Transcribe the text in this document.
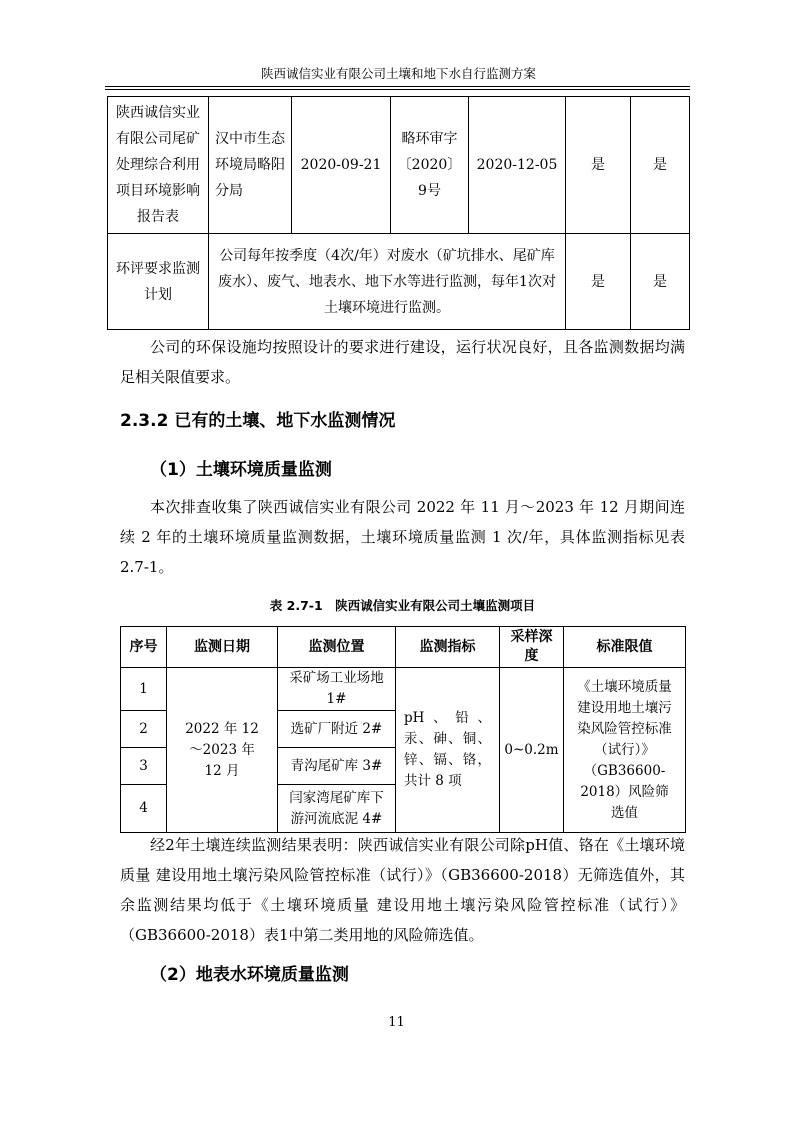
陕西诚信实业有限公司土壤和地下水自行监测方案
陕西诚信实业有限公司尾矿处理综合利用项目环境影响报告表	汉中市生态环境局略阳分局	2020-09-21	略环审字〔2020〕9号	2020-12-05	是	是
环评要求监测计划	公司每年按季度（4次/年）对废水（矿坑排水、尾矿库废水）、废气、地表水、地下水等进行监测，每年1次对土壤环境进行监测。				是	是

公司的环保设施均按照设计的要求进行建设，运行状况良好，且各监测数据均满足相关限值要求。

2.3.2 已有的土壤、地下水监测情况
（1）土壤环境质量监测

本次排查收集了陕西诚信实业有限公司 2022 年 11 月～2023 年 12 月期间连续 2 年的土壤环境质量监测数据，土壤环境质量监测 1 次/年，具体监测指标见表 2.7-1。

表 2.7-1　陕西诚信实业有限公司土壤监测项目
序号	监测日期	监测位置	监测指标	采样深度	标准限值
1	2022 年 12～2023 年 12 月	采矿场工业场地 1#	pH、铅、汞、砷、铜、锌、镉、铬，共计 8 项	0~0.2m	《土壤环境质量 建设用地土壤污染风险管控标准（试行）》（GB36600-2018）风险筛选值
2		选矿厂附近 2#			
3		青沟尾矿库 3#			
4		闫家湾尾矿库下游河流底泥 4#			

经2年土壤连续监测结果表明：陕西诚信实业有限公司除pH值、铬在《土壤环境质量 建设用地土壤污染风险管控标准（试行）》（GB36600-2018）无筛选值外，其余监测结果均低于《土壤环境质量 建设用地土壤污染风险管控标准（试行）》（GB36600-2018）表1中第二类用地的风险筛选值。

（2）地表水环境质量监测
11
